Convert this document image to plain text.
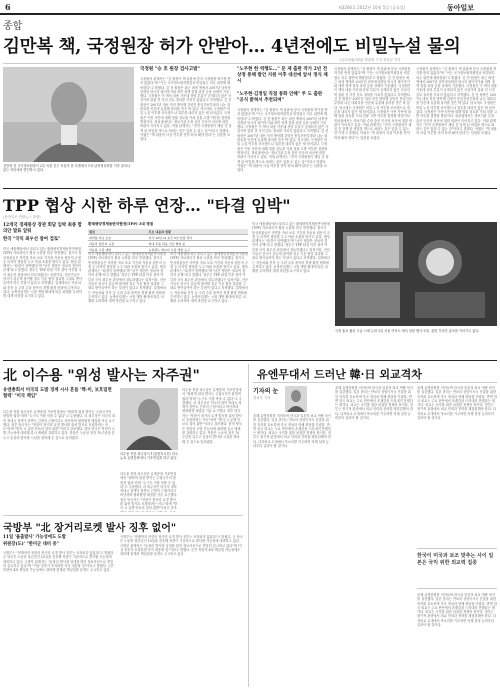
6	제3266호 2012년 10월 5일 (금요일)	동아일보
종합
김만복 책, 국정원장 허가 안받아… 4년전에도 비밀누설 물의
(임특파원/대담) 박광희 기자 정성규 기자
김만복 전 국가정보원장이 2일 서울 중구 서울의 한 호텔에서 1차 남북정상회담 이후 물러나 있는 자리에서 발언하고 있다.
국정원 "승 호 원장 검사고발"
국정원의 관계자는 "김 원장이 책 출판에 앞서 국정원장 허가를 받지 않았다"며 "이는 국가정보원직원법상 비밀엄수 의무 위반에 해당한다"고 밝혔다. 김 전 원장은 최근 펴낸 책에서 2007년 남북정상회담 당시의 뒷이야기와 대북 정책 결정 과정 등을 상세히 기술했다. 국정원은 이 책의 내용 가운데 상당 부분이 공개되지 않은 사실이며 출판 전 사전 검토 절차를 거치지 않았다고 지적했다. 김 전 원장은 2007년 대선 직전 방북해 김양건 통일전선부장과 나눈 대화록을 언론에 유출해 물의를 빚은 바 있다. 당시에도 국정원은 비밀 누설 여부를 조사했으나 결론을 내리지 않은 채 넘어갔다. 국정원은 이번 사안에 대해 법률 검토를 거쳐 검찰 고발 여부를 결정할 방침이다. 정치권에서는 정보기관 수장 출신 인사의 처신에 대한 비판이 이어지고 있다. 여권 관계자는 "전직 국정원장이 재임 중 알게 된 비밀을 책으로 펴내는 것은 있을 수 없는 일"이라고 말했다. 야권은 "책 내용의 사실 여부를 먼저 따져 봐야 한다"는 입장을 보였다.
"노무현 한 역행도…" 문 재 출판 작가 2년 전 상정 통해 발언 지원 이후 대선에 앞서 정식 제시
"노무현·김정일 직접 통화 안해" 주 도 출판 "공식 밝혀서 추천되며"
국정원의 관계자는 "김 원장이 책 출판에 앞서 국정원장 허가를 받지 않았다"며 "이는 국가정보원직원법상 비밀엄수 의무 위반에 해당한다"고 밝혔다. 김 전 원장은 최근 펴낸 책에서 2007년 남북정상회담 당시의 뒷이야기와 대북 정책 결정 과정 등을 상세히 기술했다. 국정원은 이 책의 내용 가운데 상당 부분이 공개되지 않은 사실이며 출판 전 사전 검토 절차를 거치지 않았다고 지적했다. 김 전 원장은 2007년 대선 직전 방북해 김양건 통일전선부장과 나눈 대화록을 언론에 유출해 물의를 빚은 바 있다. 당시에도 국정원은 비밀 누설 여부를 조사했으나 결론을 내리지 않은 채 넘어갔다. 국정원은 이번 사안에 대해 법률 검토를 거쳐 검찰 고발 여부를 결정할 방침이다. 정치권에서는 정보기관 수장 출신 인사의 처신에 대한 비판이 이어지고 있다. 여권 관계자는 "전직 국정원장이 재임 중 알게 된 비밀을 책으로 펴내는 것은 있을 수 없는 일"이라고 말했다. 야권은 "책 내용의 사실 여부를 먼저 따져 봐야 한다"는 입장을 보였다.
국정원의 관계자는 "김 원장이 책 출판에 앞서 국정원장 허가를 받지 않았다"며 "이는 국가정보원직원법상 비밀엄수 의무 위반에 해당한다"고 밝혔다. 김 전 원장은 최근 펴낸 책에서 2007년 남북정상회담 당시의 뒷이야기와 대북 정책 결정 과정 등을 상세히 기술했다. 국정원은 이 책의 내용 가운데 상당 부분이 공개되지 않은 사실이며 출판 전 사전 검토 절차를 거치지 않았다고 지적했다. 김 전 원장은 2007년 대선 직전 방북해 김양건 통일전선부장과 나눈 대화록을 언론에 유출해 물의를 빚은 바 있다. 당시에도 국정원은 비밀 누설 여부를 조사했으나 결론을 내리지 않은 채 넘어갔다. 국정원은 이번 사안에 대해 법률 검토를 거쳐 검찰 고발 여부를 결정할 방침이다. 정치권에서는 정보기관 수장 출신 인사의 처신에 대한 비판이 이어지고 있다. 여권 관계자는 "전직 국정원장이 재임 중 알게 된 비밀을 책으로 펴내는 것은 있을 수 없는 일"이라고 말했다. 야권은 "책 내용의 사실 여부를 먼저 따져 봐야 한다"는 입장을 보였다.
국정원의 관계자는 "김 원장이 책 출판에 앞서 국정원장 허가를 받지 않았다"며 "이는 국가정보원직원법상 비밀엄수 의무 위반에 해당한다"고 밝혔다. 김 전 원장은 최근 펴낸 책에서 2007년 남북정상회담 당시의 뒷이야기와 대북 정책 결정 과정 등을 상세히 기술했다. 국정원은 이 책의 내용 가운데 상당 부분이 공개되지 않은 사실이며 출판 전 사전 검토 절차를 거치지 않았다고 지적했다. 김 전 원장은 2007년 대선 직전 방북해 김양건 통일전선부장과 나눈 대화록을 언론에 유출해 물의를 빚은 바 있다. 당시에도 국정원은 비밀 누설 여부를 조사했으나 결론을 내리지 않은 채 넘어갔다. 국정원은 이번 사안에 대해 법률 검토를 거쳐 검찰 고발 여부를 결정할 방침이다. 정치권에서는 정보기관 수장 출신 인사의 처신에 대한 비판이 이어지고 있다. 여권 관계자는 "전직 국정원장이 재임 중 알게 된 비밀을 책으로 펴내는 것은 있을 수 없는 일"이라고 말했다. 야권은 "책 내용의 사실 여부를 먼저 따져 봐야 한다"는 입장을 보였다.
TPP 협상 시한 하루 연장… "타결 임박"
(동아일보 연합뉴스 종합)
12개국 경제통상 장관 회담 임박 최종 합의안 발표 앞둬
한국 "국익 최우선 참여 검토"
미국 애틀랜타에서 열리고 있는 환태평양경제동반자협정(TPP) 각료회의가 협상 시한을 하루 연장했다. 참가국 통상장관들은 의약품 자료 보호 기간과 자동차 원산지 규정 등 마지막 쟁점을 두고 막판 조율을 벌이고 있다. 협상 관계자는 "타결이 임박했다"며 "남은 쟁점은 정치적 결단의 문제"라고 말했다. 정부는 TPP 타결 이후 참여 여부를 국익 최우선 관점에서 검토하겠다는 입장이다. 전문가들은 한국이 뒤늦게 참여할 경우 기존 협상 결과를 그대로 받아들여야 하는 부담이 있다고 지적했다. 업계에서는 자동차와 전자 등 주력 수출 품목의 경쟁 환경 변화에 주목하고 있다. 농축산업계는 시장 개방 확대에 따른 피해를 우려하며 대책 마련을 요구하고 있다.
환태평양경제동반자협정(TPP) 3대 쟁점
쟁점	주요 내용과 현황
의약품 자료 보호	미국 12년 vs 호주 5년 입장 차이
자동차 원산지 규정	역내 부품 비율 기준 협의 중
낙농품 시장 개방	뉴질랜드 캐나다 시장 개방 요구
미국 애틀랜타에서 열리고 있는 환태평양경제동반자협정(TPP) 각료회의가 협상 시한을 하루 연장했다. 참가국 통상장관들은 의약품 자료 보호 기간과 자동차 원산지 규정 등 마지막 쟁점을 두고 막판 조율을 벌이고 있다. 협상 관계자는 "타결이 임박했다"며 "남은 쟁점은 정치적 결단의 문제"라고 말했다. 정부는 TPP 타결 이후 참여 여부를 국익 최우선 관점에서 검토하겠다는 입장이다. 전문가들은 한국이 뒤늦게 참여할 경우 기존 협상 결과를 그대로 받아들여야 하는 부담이 있다고 지적했다. 업계에서는 자동차와 전자 등 주력 수출 품목의 경쟁 환경 변화에 주목하고 있다. 농축산업계는 시장 개방 확대에 따른 피해를 우려하며 대책 마련을 요구하고 있다.
미국 애틀랜타에서 열리고 있는 환태평양경제동반자협정(TPP) 각료회의가 협상 시한을 하루 연장했다. 참가국 통상장관들은 의약품 자료 보호 기간과 자동차 원산지 규정 등 마지막 쟁점을 두고 막판 조율을 벌이고 있다. 협상 관계자는 "타결이 임박했다"며 "남은 쟁점은 정치적 결단의 문제"라고 말했다. 정부는 TPP 타결 이후 참여 여부를 국익 최우선 관점에서 검토하겠다는 입장이다. 전문가들은 한국이 뒤늦게 참여할 경우 기존 협상 결과를 그대로 받아들여야 하는 부담이 있다고 지적했다. 업계에서는 자동차와 전자 등 주력 수출 품목의 경쟁 환경 변화에 주목하고 있다. 농축산업계는 시장 개방 확대에 따른 피해를 우려하며 대책 마련을 요구하고 있다.
미국 애틀랜타에서 열리고 있는 환태평양경제동반자협정(TPP) 각료회의가 협상 시한을 하루 연장했다. 참가국 통상장관들은 의약품 자료 보호 기간과 자동차 원산지 규정 등 마지막 쟁점을 두고 막판 조율을 벌이고 있다. 협상 관계자는 "타결이 임박했다"며 "남은 쟁점은 정치적 결단의 문제"라고 말했다. 정부는 TPP 타결 이후 참여 여부를 국익 최우선 관점에서 검토하겠다는 입장이다. 전문가들은 한국이 뒤늦게 참여할 경우 기존 협상 결과를 그대로 받아들여야 하는 부담이 있다고 지적했다. 업계에서는 자동차와 전자 등 주력 수출 품목의 경쟁 환경 변화에 주목하고 있다. 농축산업계는 시장 개방 확대에 따른 피해를 우려하며 대책 마련을 요구하고 있다.
국정 홍보 활동 고급 시계 논란 2일 서울 여의도 에서 열린 행사 모습. 관련 부처가 홍보를 이어가고 있다.
北 이수용 "위성 발사는 자주권"
유엔총회서 미국의 도발 경계 시사 흔들 '핵-미, 보호밀면 협력' "미국 책임"
리수용 북한 외무상은 유엔총회 기조연설에서 "평화적 위성 발사는 주권국가의 합법적 권리"라며 "누구도 이를 막을 수 없다"고 주장했다. 리 외무상은 미국의 대북 적대시 정책이 한반도 긴장의 근원이라고 비난하며 평화협정 체결을 거듭 요구했다. 정부 당국자는 "북한이 장거리 로켓 발사를 위성 발사로 포장하려는 의도"라며 "발사 시 유엔 안보리 결의 위반"이라고 강조했다. 한미 양국은 북한의 도발 가능성에 대비해 감시 태세를 강화하고 있다. 북한은 노동당 창건 70주년을 앞두고 동창리 발사장 시설을 정비해 온 것으로 알려졌다.
리수용 북한 외무상이 1일(현지시간) 미국 뉴욕 유엔총회에서 기조연설을 하고 있다.
리수용 북한 외무상은 유엔총회 기조연설에서 "평화적 위성 발사는 주권국가의 합법적 권리"라며 "누구도 이를 막을 수 없다"고 주장했다. 리 외무상은 미국의 대북 적대시 정책이 한반도 긴장의 근원이라고 비난하며 평화협정 체결을 거듭 요구했다. 정부 당국자는 "북한이 장거리 로켓 발사를 위성 발사로 포장하려는 의도"라며 "발사 시 유엔 안보리 결의 위반"이라고 강조
리수용 북한 외무상은 유엔총회 기조연설에서 "평화적 위성 발사는 주권국가의 합법적 권리"라며 "누구도 이를 막을 수 없다"고 주장했다. 리 외무상은 미국의 대북 적대시 정책이 한반도 긴장의 근원이라고 비난하며 평화협정 체결을 거듭 요구했다. 정부 당국자는 "북한이 장거리 로켓 발사를 위성 발사로 포장하려는 의도"라며 "발사 시 유엔 안보리 결의 위반"이라고 강조했다. 한미 양국은 북한의 도발 가능성에 대비해 감시 태세를 강화하고 있다. 북한은 노동당 창건 70주년을 앞두고 동창리 발사장 시설을 정비해 온 것으로 알려졌다.
국방부 "北 장거리로켓 발사 징후 없어"
11일 '돌출발사' 가능성에도 도발
위원장(도)' "한미군 대비 중"
국방부는 "현재까지 북한의 장거리 로켓 발사 징후는 포착되지 않았다"고 밝혔다. 군 당국은 노동당 창건일인 10일을 전후해 북한이 기습적으로 발사할 가능성에 대비하고 있다. 국방부 관계자는 "동창리 발사장 일대를 한미 정보자산으로 면밀히 감시하고 있다"며 "이상 징후가 포착되면 즉각 대응할 것"이라고 말했다. 군은 북한의 4차 핵실험 가능성에도 대비해 풍계리 핵실험장 동향도 주시하고 있다.
국방부는 "현재까지 북한의 장거리 로켓 발사 징후는 포착되지 않았다"고 밝혔다. 군 당국은 노동당 창건일인 10일을 전후해 북한이 기습적으로 발사할 가능성에 대비하고 있다. 국방부 관계자는 "동창리 발사장 일대를 한미 정보자산으로 면밀히 감시하고 있다"며 "이상 징후가 포착되면 즉각 대응할 것"이라고 말했다. 군은 북한의 4차 핵실험 가능성에도 대비해 풍계리 핵실험장 동향도 주시하고 있다.
유엔무대서 드러난 韓·日 외교격차
기자의 눈
정치부 기자
올해 유엔총회를 지켜보며 한국과 일본의 외교 역량 차이를 실감했다. 일본 총리는 안보리 상임이사국 진출을 위한 지지를 호소하며 각국 정상과 연쇄 회담을 가졌다. 반면 한국 외교는 주요 현안에서 존재감을 드러내지 못했다는 평가다. 외교는 국익을 위한 치열한 경쟁의 장이다. 정부는 장기적 관점에서 외교 인력과 전략을 재점검해야 한다. 다자외교 무대에서 목소리를 키우려면 의제 설정 능력부터 길러야 할 것이다.
올해 유엔총회를 지켜보며 한국과 일본의 외교 역량 차이를 실감했다. 일본 총리는 안보리 상임이사국 진출을 위한 지지를 호소하며 각국 정상과 연쇄 회담을 가졌다. 반면 한국 외교는 주요 현안에서 존재감을 드러내지 못했다는 평가다. 외교는 국익을 위한 치열한 경쟁의 장이다. 정부는 장기적 관점에서 외교 인력과 전략을 재점검해야 한다. 다자외교 무대에서 목소리를 키우려면 의제 설정 능력부터 길러야 할 것이다.
한국이 미국과 보조 맞추는 사이 일본은 국익 위한 외교력 집중
올해 유엔총회를 지켜보며 한국과 일본의 외교 역량 차이를 실감했다. 일본 총리는 안보리 상임이사국 진출을 위한 지지를 호소하며 각국 정상과 연쇄 회담을 가졌다. 반면 한국 외교는 주요 현안에서 존재감을 드러내지 못했다는 평가다. 외교는 국익을 위한 치열한 경쟁의 장이다. 정부는 장기적 관점에서 외교 인력과 전략을 재점검해야 한다. 다자외교 무대에서 목소리를 키우려면 의제 설정 능력부터 길러야 할 것이다.
올해 유엔총회를 지켜보며 한국과 일본의 외교 역량 차이를 실감했다. 일본 총리는 안보리 상임이사국 진출을 위한 지지를 호소하며 각국 정상과 연쇄 회담을 가졌다. 반면 한국 외교는 주요 현안에서 존재감을 드러내지 못했다는 평가다. 외교는 국익을 위한 치열한 경쟁의 장이다. 정부는 장기적 관점에서 외교 인력과 전략을 재점검해야 한다. 다자외교 무대에서 목소리를 키우려면 의제 설정 능력부터 길러야 할 것이다.
